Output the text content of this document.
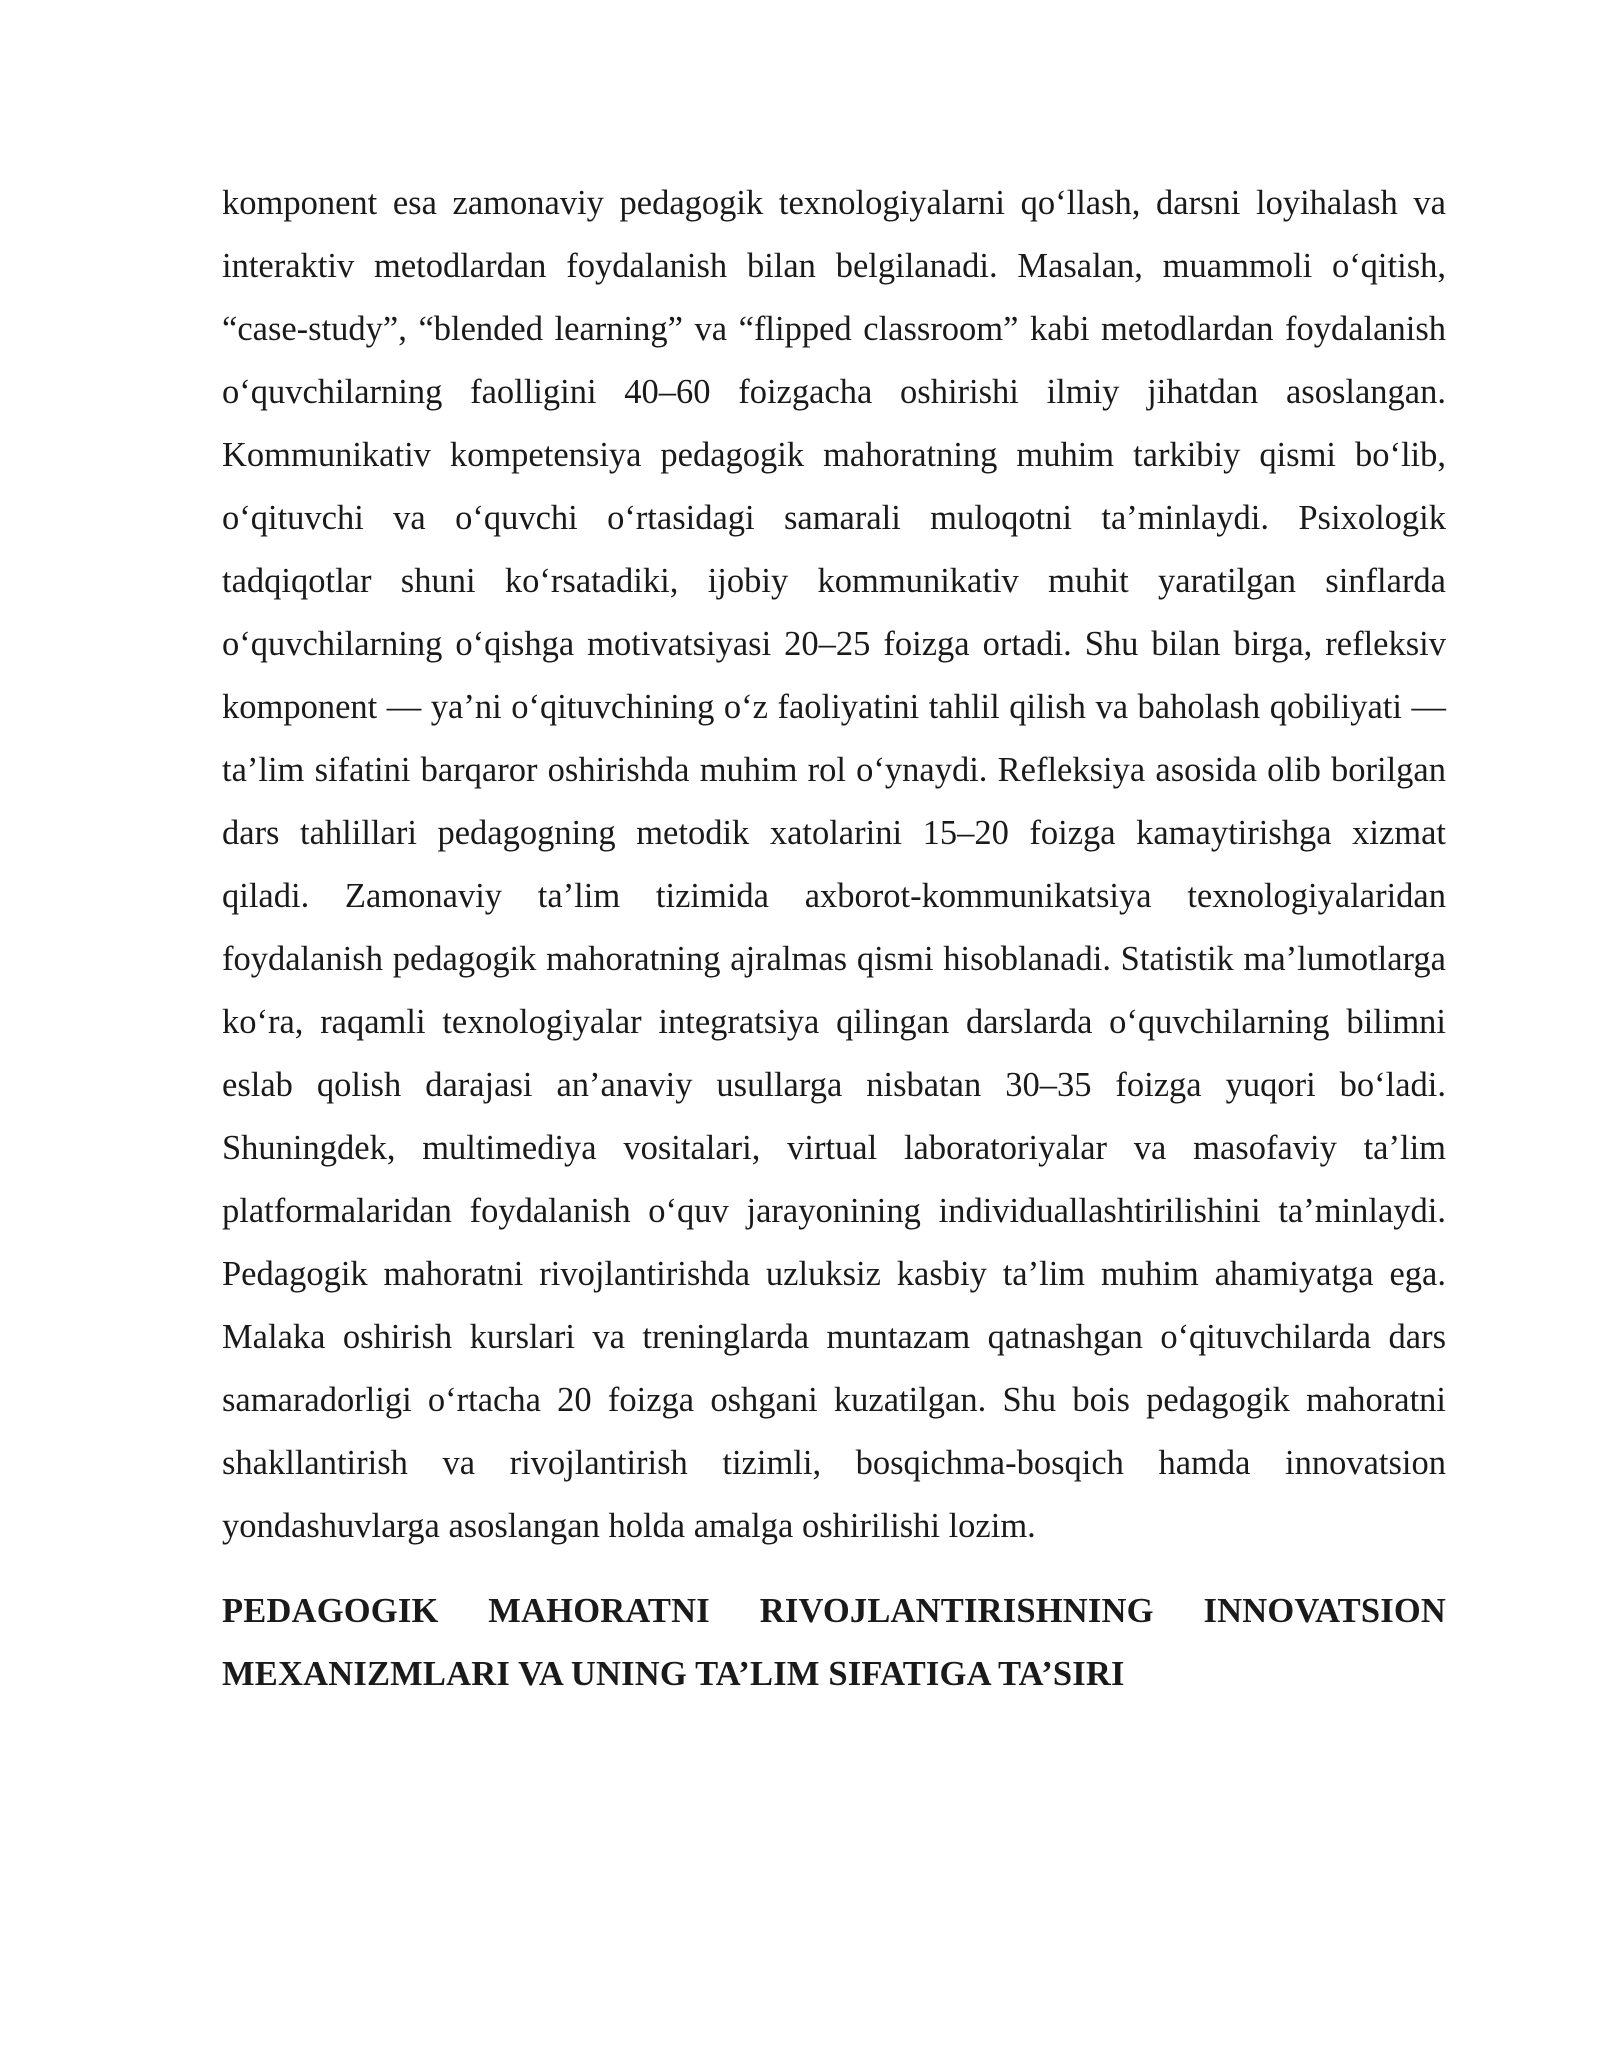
komponent esa zamonaviy pedagogik texnologiyalarni qo‘llash, darsni loyihalash va interaktiv metodlardan foydalanish bilan belgilanadi. Masalan, muammoli o‘qitish, “case-study”, “blended learning” va “flipped classroom” kabi metodlardan foydalanish o‘quvchilarning faolligini 40–60 foizgacha oshirishi ilmiy jihatdan asoslangan. Kommunikativ kompetensiya pedagogik mahoratning muhim tarkibiy qismi bo‘lib, o‘qituvchi va o‘quvchi o‘rtasidagi samarali muloqotni ta’minlaydi. Psixologik tadqiqotlar shuni ko‘rsatadiki, ijobiy kommunikativ muhit yaratilgan sinflarda o‘quvchilarning o‘qishga motivatsiyasi 20–25 foizga ortadi. Shu bilan birga, refleksiv komponent — ya’ni o‘qituvchining o‘z faoliyatini tahlil qilish va baholash qobiliyati — ta’lim sifatini barqaror oshirishda muhim rol o‘ynaydi. Refleksiya asosida olib borilgan dars tahlillari pedagogning metodik xatolarini 15–20 foizga kamaytirishga xizmat qiladi. Zamonaviy ta’lim tizimida axborot-kommunikatsiya texnologiyalaridan foydalanish pedagogik mahoratning ajralmas qismi hisoblanadi. Statistik ma’lumotlarga ko‘ra, raqamli texnologiyalar integratsiya qilingan darslarda o‘quvchilarning bilimni eslab qolish darajasi an’anaviy usullarga nisbatan 30–35 foizga yuqori bo‘ladi. Shuningdek, multimediya vositalari, virtual laboratoriyalar va masofaviy ta’lim platformalaridan foydalanish o‘quv jarayonining individuallashtirilishini ta’minlaydi. Pedagogik mahoratni rivojlantirishda uzluksiz kasbiy ta’lim muhim ahamiyatga ega. Malaka oshirish kurslari va treninglarda muntazam qatnashgan o‘qituvchilarda dars samaradorligi o‘rtacha 20 foizga oshgani kuzatilgan. Shu bois pedagogik mahoratni shakllantirish va rivojlantirish tizimli, bosqichma-bosqich hamda innovatsion yondashuvlarga asoslangan holda amalga oshirilishi lozim.

PEDAGOGIK MAHORATNI RIVOJLANTIRISHNING INNOVATSION MEXANIZMLARI VA UNING TA’LIM SIFATIGA TA’SIRI
